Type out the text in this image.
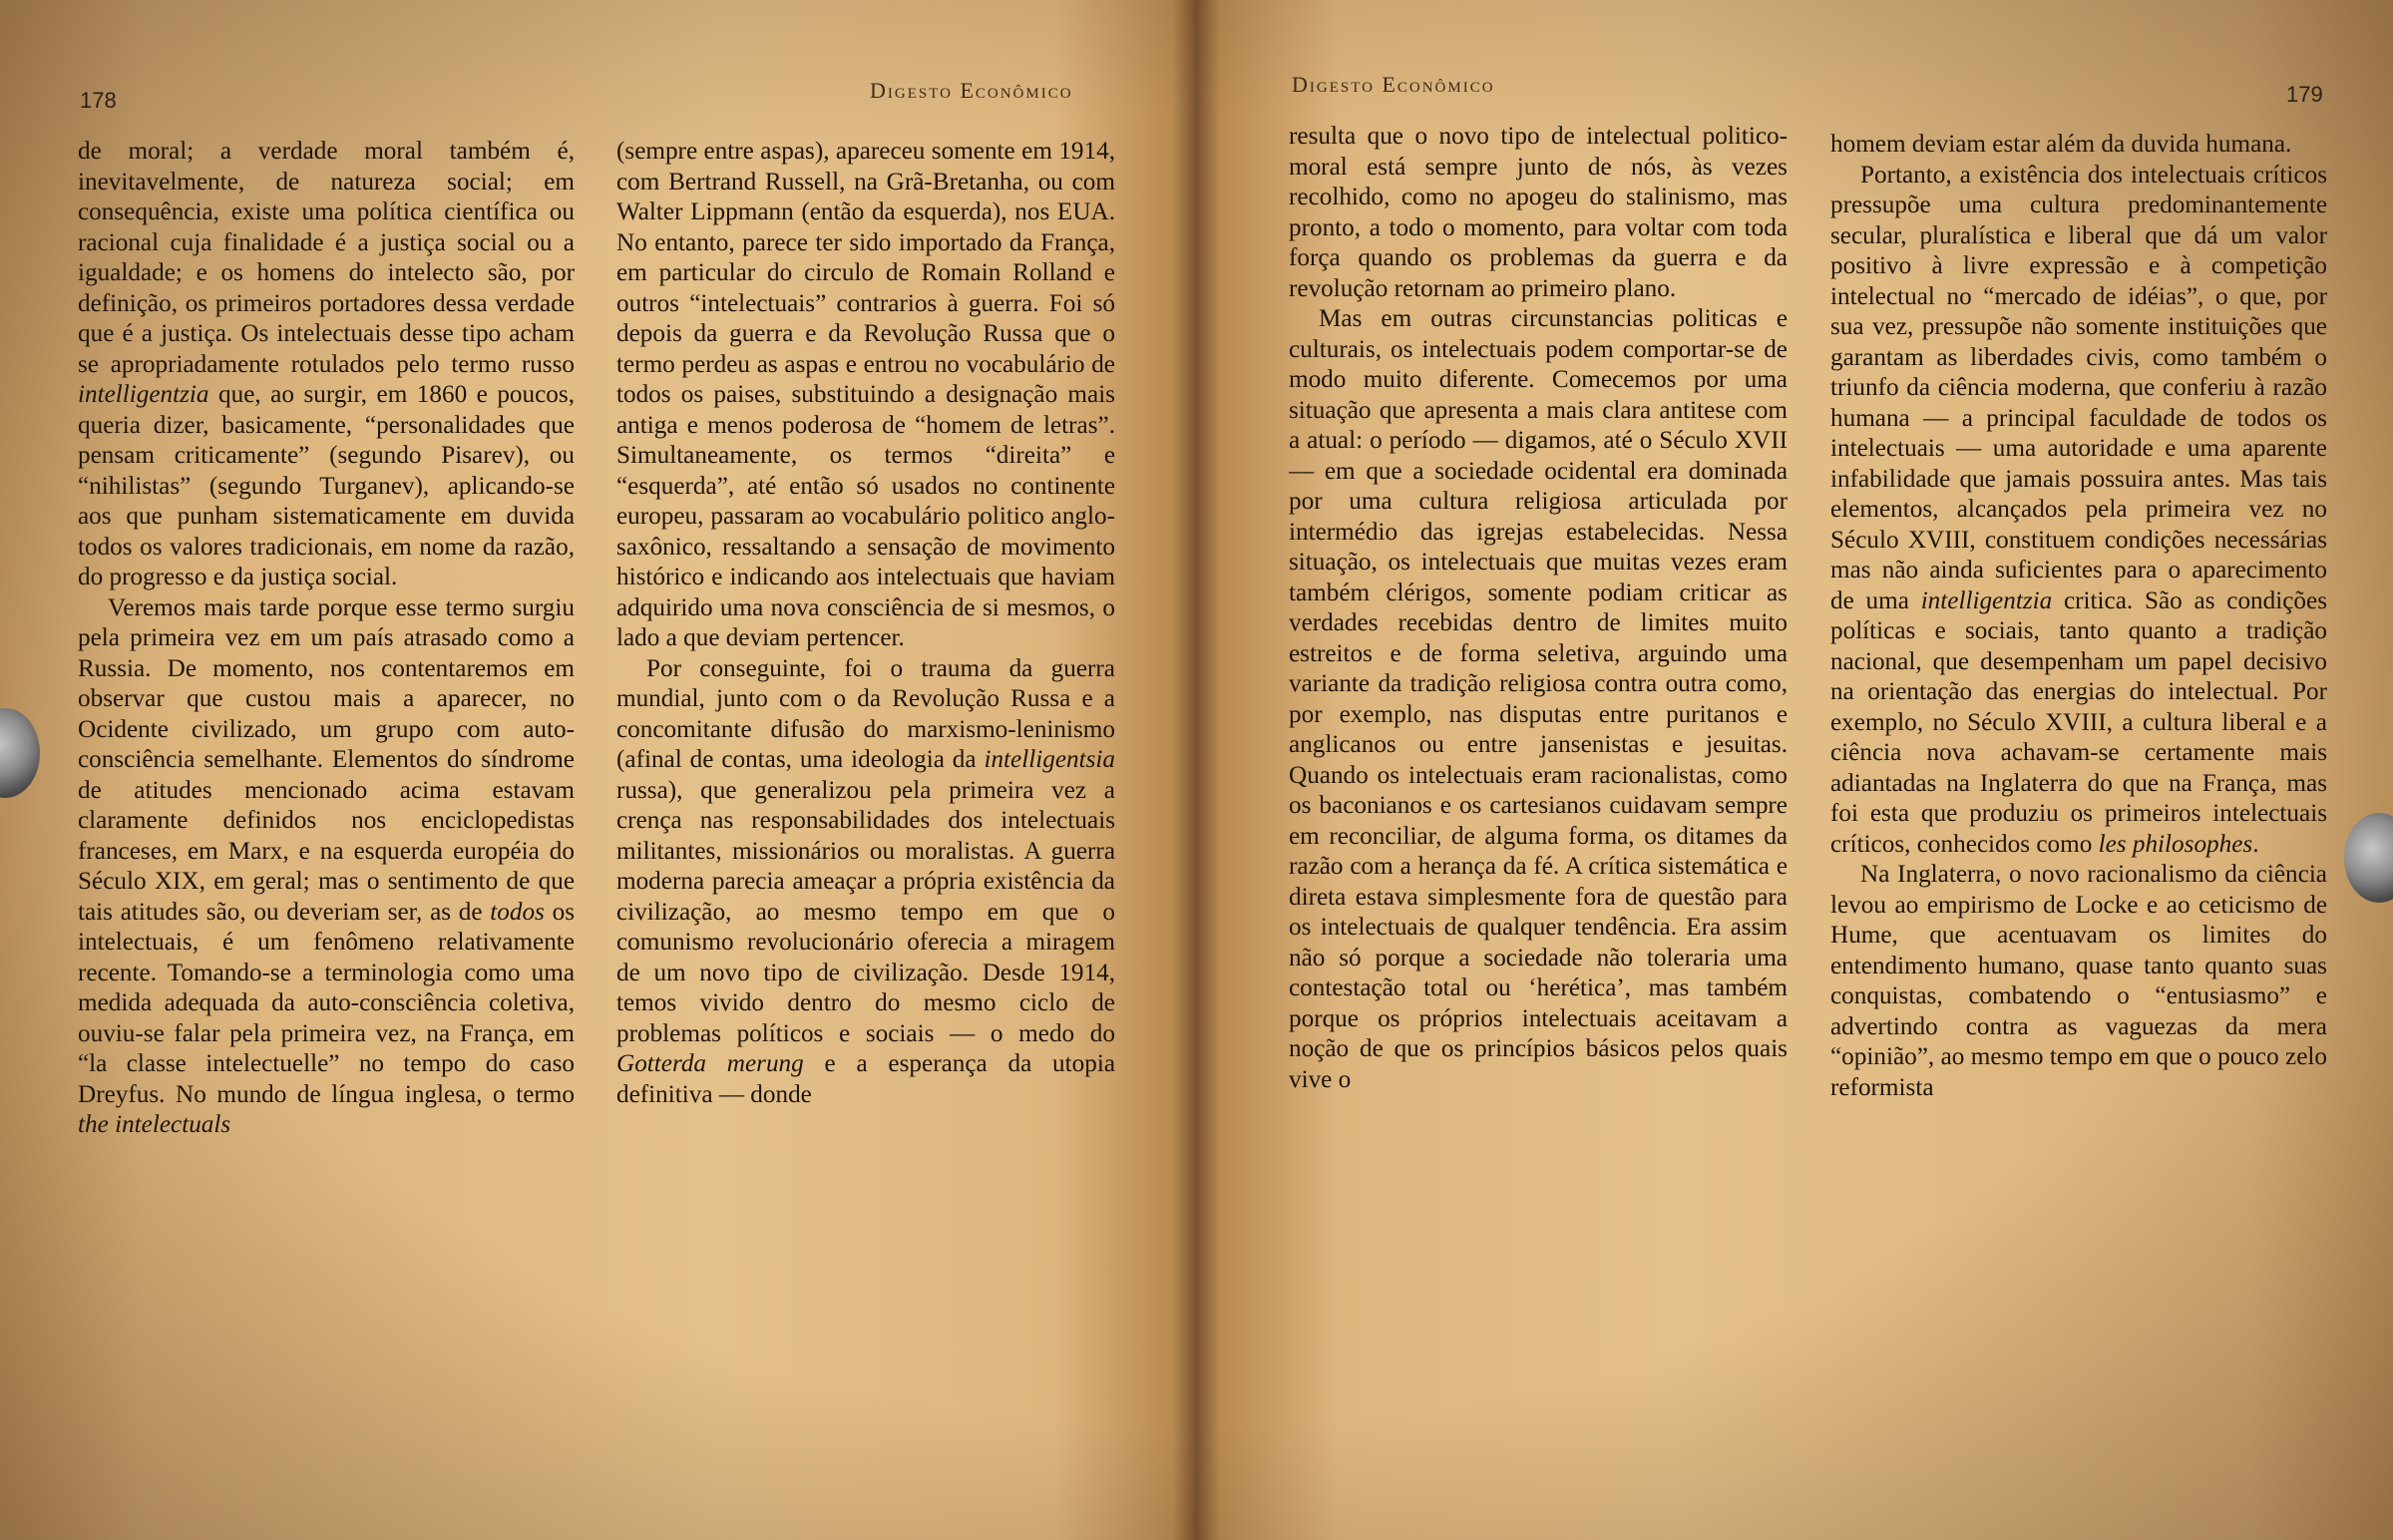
178	Digesto Econômico

de moral; a verdade moral também é, inevitavelmente, de natureza social; em consequência, existe uma política científica ou racional cuja finalidade é a justiça social ou a igualdade; e os homens do intelecto são, por definição, os primeiros portadores dessa verdade que é a justiça. Os intelectuais desse tipo acham se apropriadamente rotulados pelo termo russo intelligentzia que, ao surgir, em 1860 e poucos, queria dizer, basicamente, “personalidades que pensam criticamente” (segundo Pisarev), ou “nihilistas” (segundo Turganev), aplicando-se aos que punham sistematicamente em duvida todos os valores tradicionais, em nome da razão, do progresso e da justiça social.

Veremos mais tarde porque esse termo surgiu pela primeira vez em um país atrasado como a Russia. De momento, nos contentaremos em observar que custou mais a aparecer, no Ocidente civilizado, um grupo com auto-consciência semelhante. Elementos do síndrome de atitudes mencionado acima estavam claramente definidos nos enciclopedistas franceses, em Marx, e na esquerda européia do Século XIX, em geral; mas o sentimento de que tais atitudes são, ou deveriam ser, as de todos os intelectuais, é um fenômeno relativamente recente. Tomando-se a terminologia como uma medida adequada da auto-consciência coletiva, ouviu-se falar pela primeira vez, na França, em “la classe intelectuelle” no tempo do caso Dreyfus. No mundo de língua inglesa, o termo the intelectuals

(sempre entre aspas), apareceu somente em 1914, com Bertrand Russell, na Grã-Bretanha, ou com Walter Lippmann (então da esquerda), nos EUA. No entanto, parece ter sido importado da França, em particular do circulo de Romain Rolland e outros “intelectuais” contrarios à guerra. Foi só depois da guerra e da Revolução Russa que o termo perdeu as aspas e entrou no vocabulário de todos os paises, substituindo a designação mais antiga e menos poderosa de “homem de letras”. Simultaneamente, os termos “direita” e “esquerda”, até então só usados no continente europeu, passaram ao vocabulário politico anglo-saxônico, ressaltando a sensação de movimento histórico e indicando aos intelectuais que haviam adquirido uma nova consciência de si mesmos, o lado a que deviam pertencer.

Por conseguinte, foi o trauma da guerra mundial, junto com o da Revolução Russa e a concomitante difusão do marxismo-leninismo (afinal de contas, uma ideologia da intelligentsia russa), que generalizou pela primeira vez a crença nas responsabilidades dos intelectuais militantes, missionários ou moralistas. A guerra moderna parecia ameaçar a própria existência da civilização, ao mesmo tempo em que o comunismo revolucionário oferecia a miragem de um novo tipo de civilização. Desde 1914, temos vivido dentro do mesmo ciclo de problemas políticos e sociais — o medo do Gotterda merung e a esperança da utopia definitiva — donde

Digesto Econômico	179

resulta que o novo tipo de intelectual politico-moral está sempre junto de nós, às vezes recolhido, como no apogeu do stalinismo, mas pronto, a todo o momento, para voltar com toda força quando os problemas da guerra e da revolução retornam ao primeiro plano.

Mas em outras circunstancias politicas e culturais, os intelectuais podem comportar-se de modo muito diferente. Comecemos por uma situação que apresenta a mais clara antitese com a atual: o período — digamos, até o Século XVII — em que a sociedade ocidental era dominada por uma cultura religiosa articulada por intermédio das igrejas estabelecidas. Nessa situação, os intelectuais que muitas vezes eram também clérigos, somente podiam criticar as verdades recebidas dentro de limites muito estreitos e de forma seletiva, arguindo uma variante da tradição religiosa contra outra como, por exemplo, nas disputas entre puritanos e anglicanos ou entre jansenistas e jesuitas. Quando os intelectuais eram racionalistas, como os baconianos e os cartesianos cuidavam sempre em reconciliar, de alguma forma, os ditames da razão com a herança da fé. A crítica sistemática e direta estava simplesmente fora de questão para os intelectuais de qualquer tendência. Era assim não só porque a sociedade não toleraria uma contestação total ou ‘herética’, mas também porque os próprios intelectuais aceitavam a noção de que os princípios básicos pelos quais vive o

homem deviam estar além da duvida humana.

Portanto, a existência dos intelectuais críticos pressupõe uma cultura predominantemente secular, pluralística e liberal que dá um valor positivo à livre expressão e à competição intelectual no “mercado de idéias”, o que, por sua vez, pressupõe não somente instituições que garantam as liberdades civis, como também o triunfo da ciência moderna, que conferiu à razão humana — a principal faculdade de todos os intelectuais — uma autoridade e uma aparente infabilidade que jamais possuira antes. Mas tais elementos, alcançados pela primeira vez no Século XVIII, constituem condições necessárias mas não ainda suficientes para o aparecimento de uma intelligentzia critica. São as condições políticas e sociais, tanto quanto a tradição nacional, que desempenham um papel decisivo na orientação das energias do intelectual. Por exemplo, no Século XVIII, a cultura liberal e a ciência nova achavam-se certamente mais adiantadas na Inglaterra do que na França, mas foi esta que produziu os primeiros intelectuais críticos, conhecidos como les philosophes.

Na Inglaterra, o novo racionalismo da ciência levou ao empirismo de Locke e ao ceticismo de Hume, que acentuavam os limites do entendimento humano, quase tanto quanto suas conquistas, combatendo o “entusiasmo” e advertindo contra as vaguezas da mera “opinião”, ao mesmo tempo em que o pouco zelo reformista
